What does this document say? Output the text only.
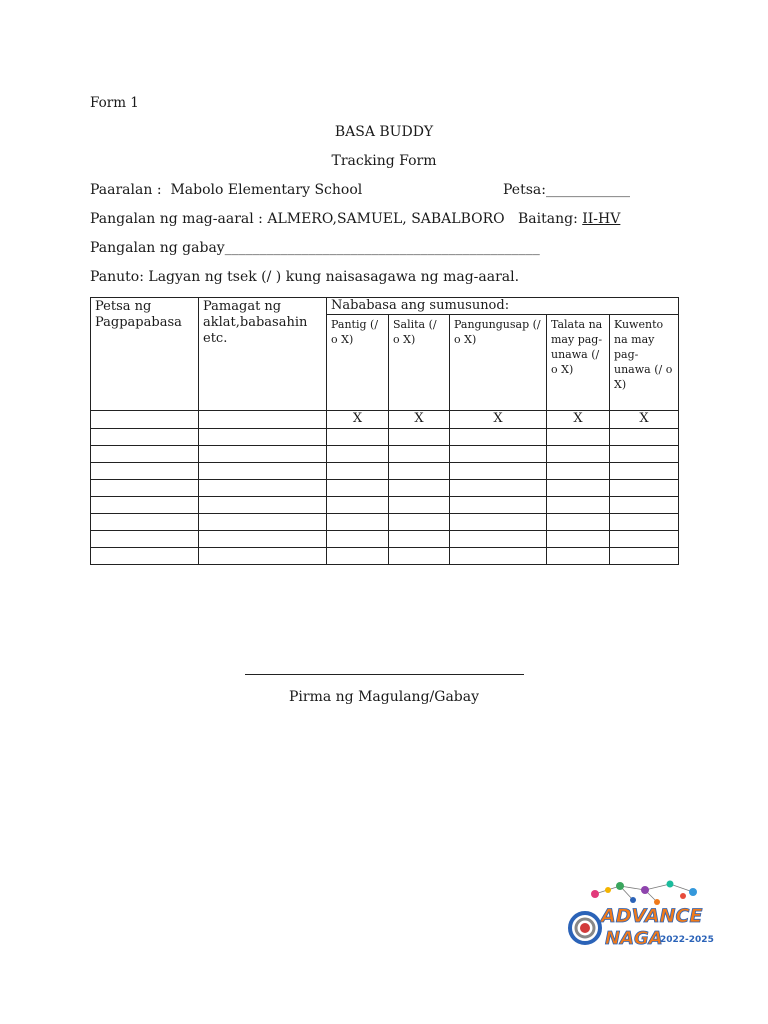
Form 1
BASA BUDDY
Tracking Form
Paaralan : Mabolo Elementary School	Petsa:____________
Pangalan ng mag-aaral : ALMERO,SAMUEL, SABALBORO Baitang: II-HV
Pangalan ng gabay_____________________________________________
Panuto: Lagyan ng tsek (/ ) kung naisasagawa ng mag-aaral.
Petsa ng Pagpapabasa	Pamagat ng aklat,babasahin etc.	Nababasa ang sumusunod:				
		Pantig (/ o X)	Salita (/ o X)	Pangungusap (/ o X)	Talata na may pag-unawa (/ o X)	Kuwento na may pag-unawa (/ o X)
		X	X	X	X	X

Pirma ng Magulang/Gabay
ADVANCE
NAGA
2022-2025
